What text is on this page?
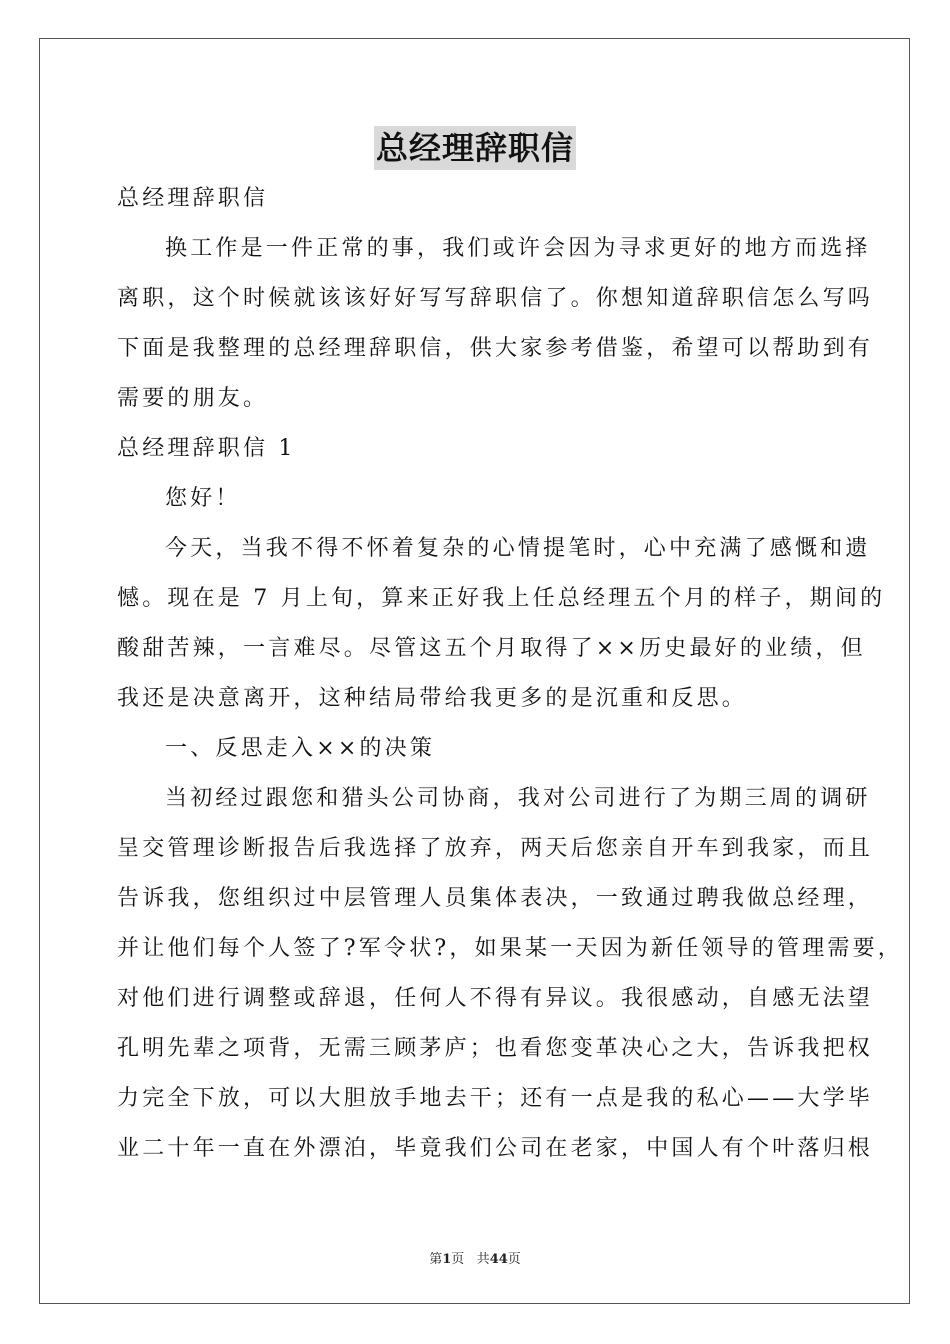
总经理辞职信
总经理辞职信
换工作是一件正常的事，我们或许会因为寻求更好的地方而选择
离职，这个时候就该该好好写写辞职信了。你想知道辞职信怎么写吗
下面是我整理的总经理辞职信，供大家参考借鉴，希望可以帮助到有
需要的朋友。
总经理辞职信 1
您好！
今天，当我不得不怀着复杂的心情提笔时，心中充满了感慨和遗
憾。现在是 7 月上旬，算来正好我上任总经理五个月的样子，期间的
酸甜苦辣，一言难尽。尽管这五个月取得了××历史最好的业绩，但
我还是决意离开，这种结局带给我更多的是沉重和反思。
一、反思走入××的决策
当初经过跟您和猎头公司协商，我对公司进行了为期三周的调研
呈交管理诊断报告后我选择了放弃，两天后您亲自开车到我家，而且
告诉我，您组织过中层管理人员集体表决，一致通过聘我做总经理，
并让他们每个人签了?军令状?，如果某一天因为新任领导的管理需要，
对他们进行调整或辞退，任何人不得有异议。我很感动，自感无法望
孔明先辈之项背，无需三顾茅庐；也看您变革决心之大，告诉我把权
力完全下放，可以大胆放手地去干；还有一点是我的私心——大学毕
业二十年一直在外漂泊，毕竟我们公司在老家，中国人有个叶落归根
第1页 共44页
